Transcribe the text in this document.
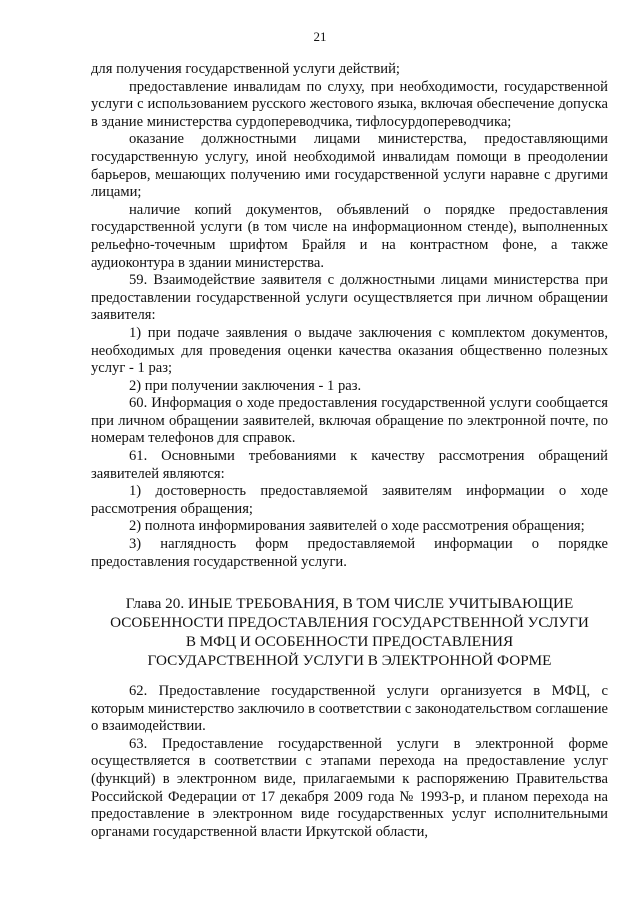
21

для получения государственной услуги действий;

предоставление инвалидам по слуху, при необходимости, государственной услуги с использованием русского жестового языка, включая обеспечение допуска в здание министерства сурдопереводчика, тифлосурдопереводчика;

оказание должностными лицами министерства, предоставляющими государственную услугу, иной необходимой инвалидам помощи в преодолении барьеров, мешающих получению ими государственной услуги наравне с другими лицами;

наличие копий документов, объявлений о порядке предоставления государственной услуги (в том числе на информационном стенде), выполненных рельефно-точечным шрифтом Брайля и на контрастном фоне, а также аудиоконтура в здании министерства.

59. Взаимодействие заявителя с должностными лицами министерства при предоставлении государственной услуги осуществляется при личном обращении заявителя:

1) при подаче заявления о выдаче заключения с комплектом документов, необходимых для проведения оценки качества оказания общественно полезных услуг - 1 раз;

2) при получении заключения - 1 раз.

60. Информация о ходе предоставления государственной услуги сообщается при личном обращении заявителей, включая обращение по электронной почте, по номерам телефонов для справок.

61. Основными требованиями к качеству рассмотрения обращений заявителей являются:

1) достоверность предоставляемой заявителям информации о ходе рассмотрения обращения;

2) полнота информирования заявителей о ходе рассмотрения обращения;

3) наглядность форм предоставляемой информации о порядке предоставления государственной услуги.

Глава 20. ИНЫЕ ТРЕБОВАНИЯ, В ТОМ ЧИСЛЕ УЧИТЫВАЮЩИЕ
ОСОБЕННОСТИ ПРЕДОСТАВЛЕНИЯ ГОСУДАРСТВЕННОЙ УСЛУГИ
В МФЦ И ОСОБЕННОСТИ ПРЕДОСТАВЛЕНИЯ
ГОСУДАРСТВЕННОЙ УСЛУГИ В ЭЛЕКТРОННОЙ ФОРМЕ

62. Предоставление государственной услуги организуется в МФЦ, с которым министерство заключило в соответствии с законодательством соглашение о взаимодействии.

63. Предоставление государственной услуги в электронной форме осуществляется в соответствии с этапами перехода на предоставление услуг (функций) в электронном виде, прилагаемыми к распоряжению Правительства Российской Федерации от 17 декабря 2009 года № 1993-р, и планом перехода на предоставление в электронном виде государственных услуг исполнительными органами государственной власти Иркутской области,
